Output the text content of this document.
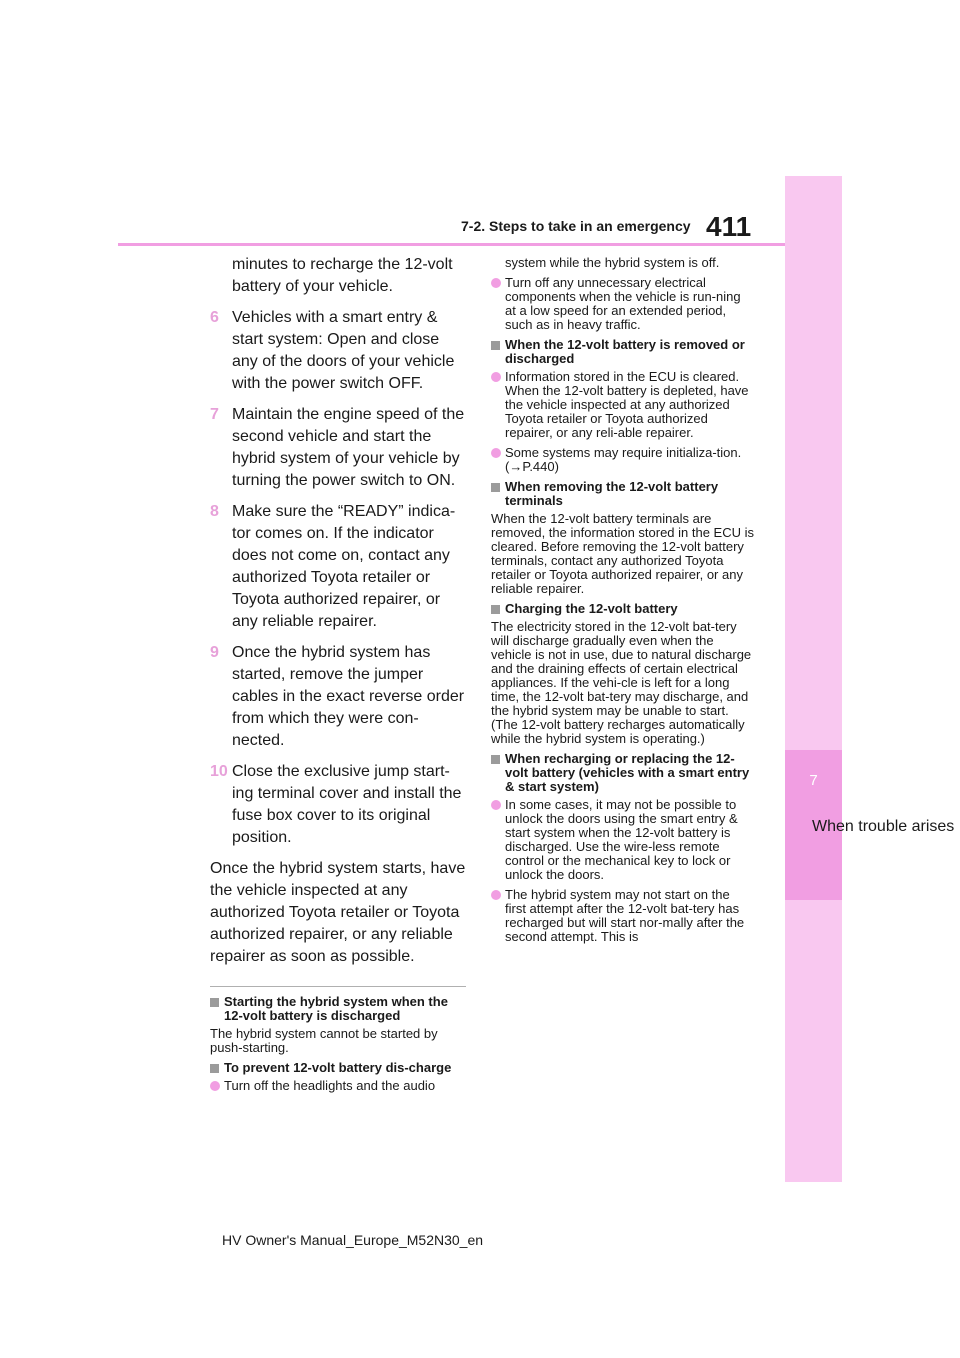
7
When trouble arises
7-2. Steps to take in an emergency 411
minutes to recharge the 12-volt battery of your vehicle.
6 Vehicles with a smart entry & start system: Open and close any of the doors of your vehicle with the power switch OFF.
7 Maintain the engine speed of the second vehicle and start the hybrid system of your vehicle by turning the power switch to ON.
8 Make sure the “READY” indica-tor comes on. If the indicator does not come on, contact any authorized Toyota retailer or Toyota authorized repairer, or any reliable repairer.
9 Once the hybrid system has started, remove the jumper cables in the exact reverse order from which they were con-nected.
10 Close the exclusive jump start-ing terminal cover and install the fuse box cover to its original position.
Once the hybrid system starts, have the vehicle inspected at any authorized Toyota retailer or Toyota authorized repairer, or any reliable repairer as soon as possible.
Starting the hybrid system when the 12-volt battery is discharged
The hybrid system cannot be started by push-starting.
To prevent 12-volt battery dis-charge
Turn off the headlights and the audio
system while the hybrid system is off.
Turn off any unnecessary electrical components when the vehicle is run-ning at a low speed for an extended period, such as in heavy traffic.
When the 12-volt battery is removed or discharged
Information stored in the ECU is cleared. When the 12-volt battery is depleted, have the vehicle inspected at any authorized Toyota retailer or Toyota authorized repairer, or any reli-able repairer.
Some systems may require initializa-tion. (→P.440)
When removing the 12-volt battery terminals
When the 12-volt battery terminals are removed, the information stored in the ECU is cleared. Before removing the 12-volt battery terminals, contact any authorized Toyota retailer or Toyota authorized repairer, or any reliable repairer.
Charging the 12-volt battery
The electricity stored in the 12-volt bat-tery will discharge gradually even when the vehicle is not in use, due to natural discharge and the draining effects of certain electrical appliances. If the vehi-cle is left for a long time, the 12-volt bat-tery may discharge, and the hybrid system may be unable to start. (The 12-volt battery recharges automatically while the hybrid system is operating.)
When recharging or replacing the 12-volt battery (vehicles with a smart entry & start system)
In some cases, it may not be possible to unlock the doors using the smart entry & start system when the 12-volt battery is discharged. Use the wire-less remote control or the mechanical key to lock or unlock the doors.
The hybrid system may not start on the first attempt after the 12-volt bat-tery has recharged but will start nor-mally after the second attempt. This is
HV Owner's Manual_Europe_M52N30_en
